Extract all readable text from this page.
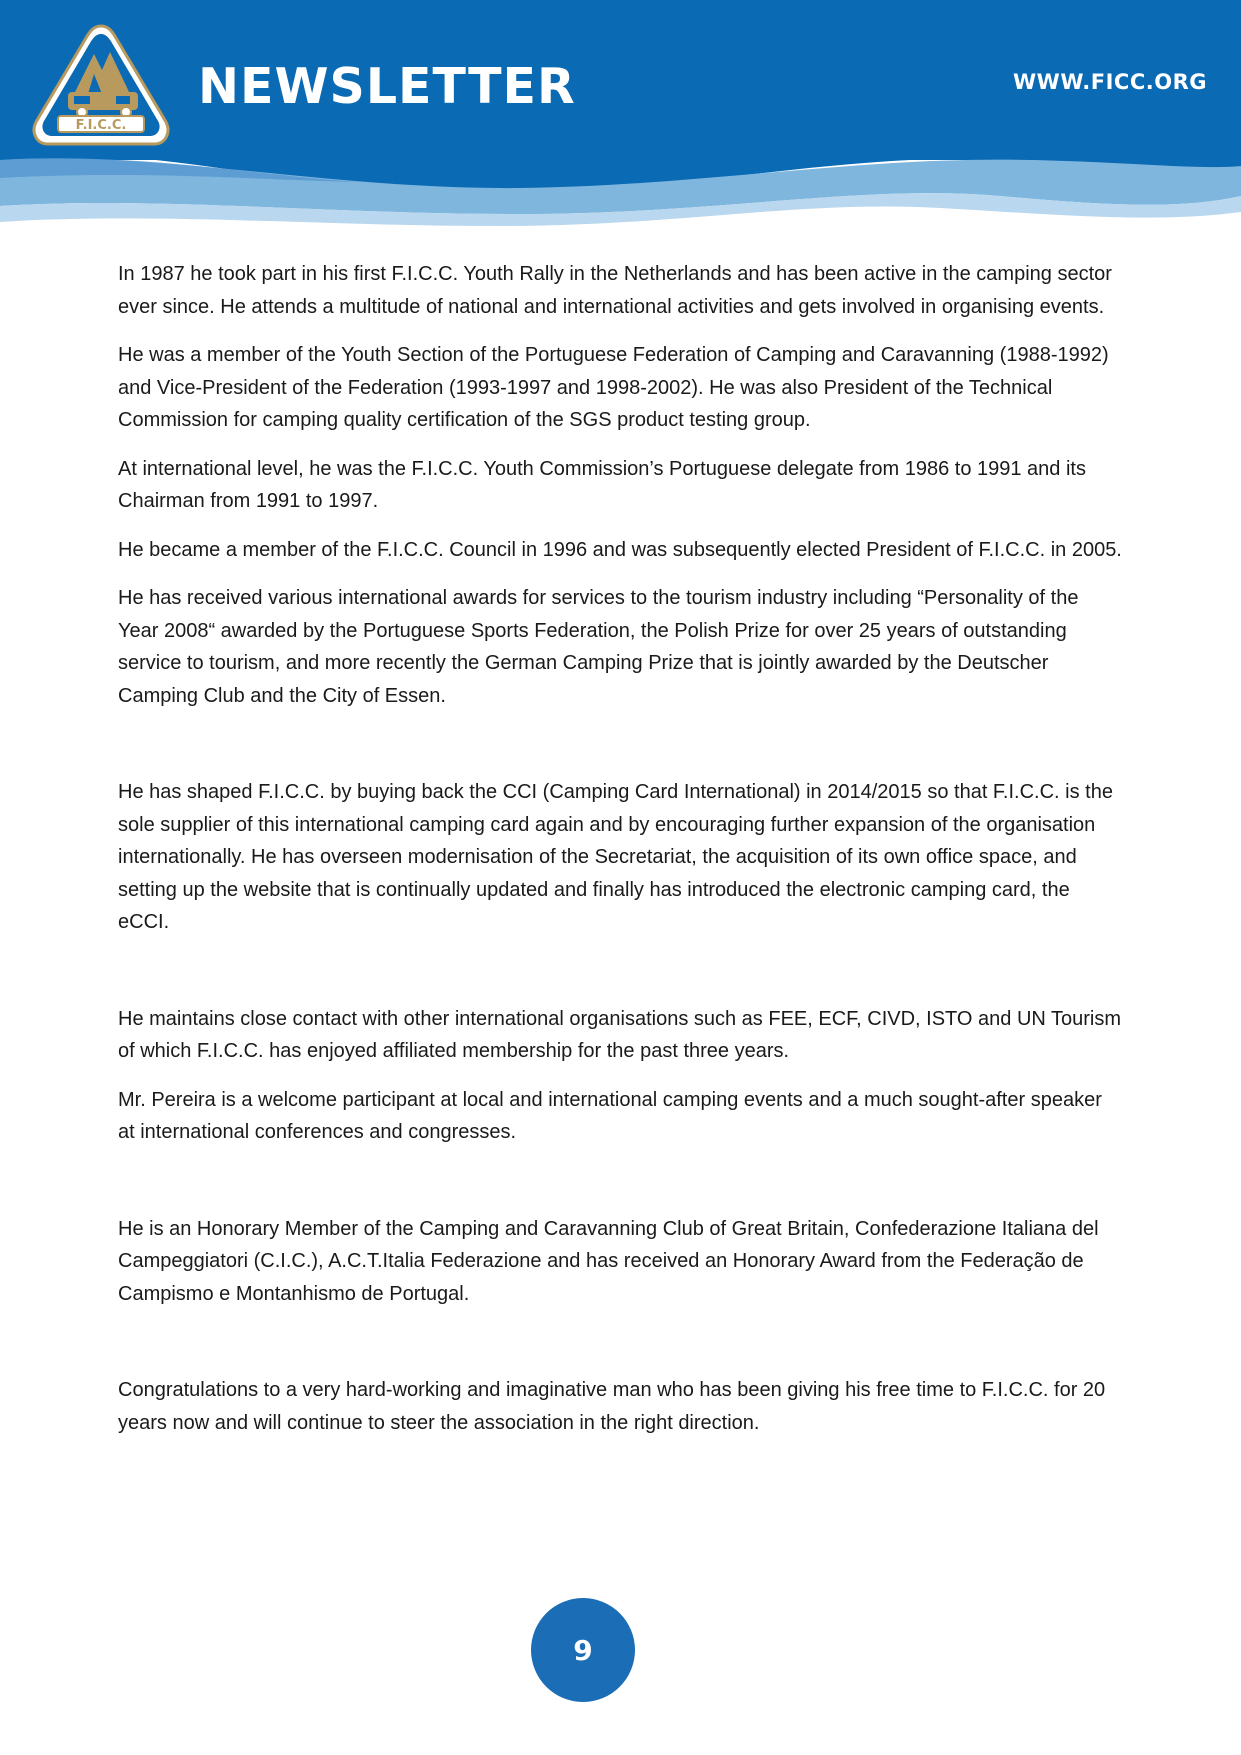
F.I.C.C.
NEWSLETTER	WWW.FICC.ORG

In 1987 he took part in his first F.I.C.C. Youth Rally in the Netherlands and has been active in the camping sector ever since. He attends a multitude of national and international activities and gets involved in organising events.

He was a member of the Youth Section of the Portuguese Federation of Camping and Caravanning (1988-1992) and Vice-President of the Federation (1993-1997 and 1998-2002). He was also President of the Technical Commission for camping quality certification of the SGS product testing group.

At international level, he was the F.I.C.C. Youth Commission’s Portuguese delegate from 1986 to 1991 and its Chairman from 1991 to 1997.

He became a member of the F.I.C.C. Council in 1996 and was subsequently elected President of F.I.C.C. in 2005.

He has received various international awards for services to the tourism industry including “Personality of the Year 2008“ awarded by the Portuguese Sports Federation, the Polish Prize for over 25 years of outstanding service to tourism, and more recently the German Camping Prize that is jointly awarded by the Deutscher Camping Club and the City of Essen.

He has shaped F.I.C.C. by buying back the CCI (Camping Card International) in 2014/2015 so that F.I.C.C. is the sole supplier of this international camping card again and by encouraging further expansion of the organisation internationally. He has overseen modernisation of the Secretariat, the acquisition of its own office space, and setting up the website that is continually updated and finally has introduced the electronic camping card, the eCCI.

He maintains close contact with other international organisations such as FEE, ECF, CIVD, ISTO and UN Tourism of which F.I.C.C. has enjoyed affiliated membership for the past three years.

Mr. Pereira is a welcome participant at local and international camping events and a much sought-after speaker at international conferences and congresses.

He is an Honorary Member of the Camping and Caravanning Club of Great Britain, Confederazione Italiana del Campeggiatori (C.I.C.), A.C.T.Italia Federazione and has received an Honorary Award from the Federação de Campismo e Montanhismo de Portugal.

Congratulations to a very hard-working and imaginative man who has been giving his free time to F.I.C.C. for 20 years now and will continue to steer the association in the right direction.

9
